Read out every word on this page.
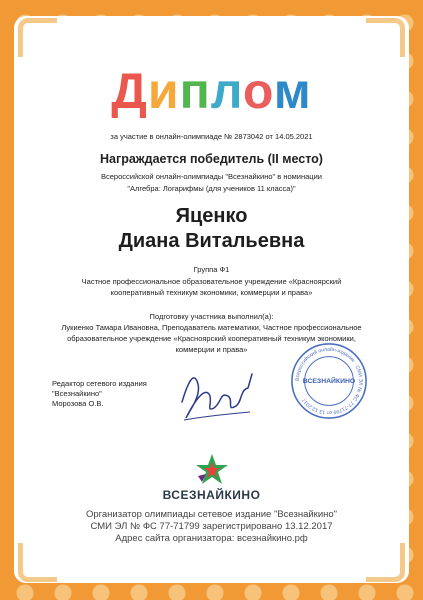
Диплом
за участие в онлайн-олимпиаде № 2873042 от 14.05.2021
Награждается победитель (II место)
Всероссийской онлайн-олимпиады "Всезнайкино" в номинации
"Алгебра: Логарифмы (для учеников 11 класса)"
Яценко
Диана Витальевна
Группа Ф1
Частное профессиональное образовательное учреждение «Красноярский
кооперативный техникум экономики, коммерции и права»
Подготовку участника выполнил(а):
Лукиенко Тамара Ивановна, Преподаватель математики, Частное профессиональное
образовательное учреждение «Красноярский кооперативный техникум экономики,
коммерции и права»
Редактор сетевого издания
"Всезнайкино"
Морозова О.В.
Всероссийский онлайн-издание · СМИ ЭЛ № ФС 77-71799 от 13.12.2017
ВСЕЗНАЙКИНО
ВСЕЗНАЙКИНО
Организатор олимпиады сетевое издание "Всезнайкино"
СМИ ЭЛ № ФС 77-71799 зарегистрировано 13.12.2017
Адрес сайта организатора: всезнайкино.рф
